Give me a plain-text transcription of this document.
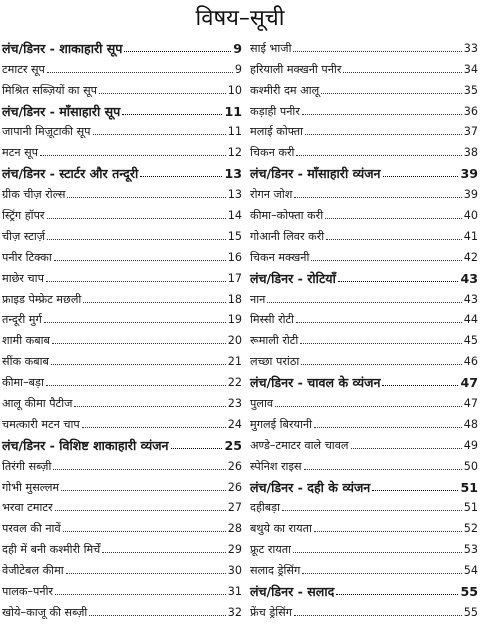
विषय–सूची
लंच/डिनर - शाकाहारी सूप	9
टमाटर सूप	9
मिश्रित सब्ज़ियों का सूप	10
लंच/डिनर - माँसाहारी सूप	11
जापानी मिज़ूटाकी सूप	11
मटन सूप	12
लंच/डिनर - स्टार्टर और तन्दूरी	13
ग्रीक चीज़ रोल्स	13
स्ट्रिंग हॉपर	14
चीज़ स्टार्ज़	15
पनीर टिक्का	16
माछेर चाप	17
फ्राइड पेम्फ्रेट मछली	18
तन्दूरी मुर्ग	19
शामी कबाब	20
सींक कबाब	21
कीमा–बड़ा	22
आलू कीमा पैटीज	23
चमत्कारी मटन चाप	24
लंच/डिनर - विशिष्ट शाकाहारी व्यंजन	25
तिरंगी सब्ज़ी	26
गोभी मुसल्लम	26
भरवा टमाटर	27
परवल की नावें	28
दही में बनी कश्मीरी मिर्चें	29
वेजीटेबल कीमा	30
पालक–पनीर	31
खोये–काजू की सब्ज़ी	32
साई भाजी	33
हरियाली मक्खनी पनीर	34
कश्मीरी दम आलू	35
कड़ाही पनीर	36
मलाई कोफ्ता	37
चिकन करी	38
लंच/डिनर - माँसाहारी व्यंजन	39
रोगन जोश	39
कीमा–कोफ्ता करी	40
गोआनी लिवर करी	41
चिकन मक्खनी	42
लंच/डिनर - रोटियाँ	43
नान	43
मिस्सी रोटी	44
रूमाली रोटी	45
लच्छा परांठा	46
लंच/डिनर - चावल के व्यंजन	47
पुलाव	47
मुगलई बिरयानी	48
अण्डे–टमाटर वाले चावल	49
स्पेनिश राइस	50
लंच/डिनर - दही के व्यंजन	51
दहीबड़ा	51
बथुये का रायता	52
फ्रूट रायता	53
सलाद ड्रेसिंग	54
लंच/डिनर - सलाद	55
फ्रेंच ड्रेसिंग	55
